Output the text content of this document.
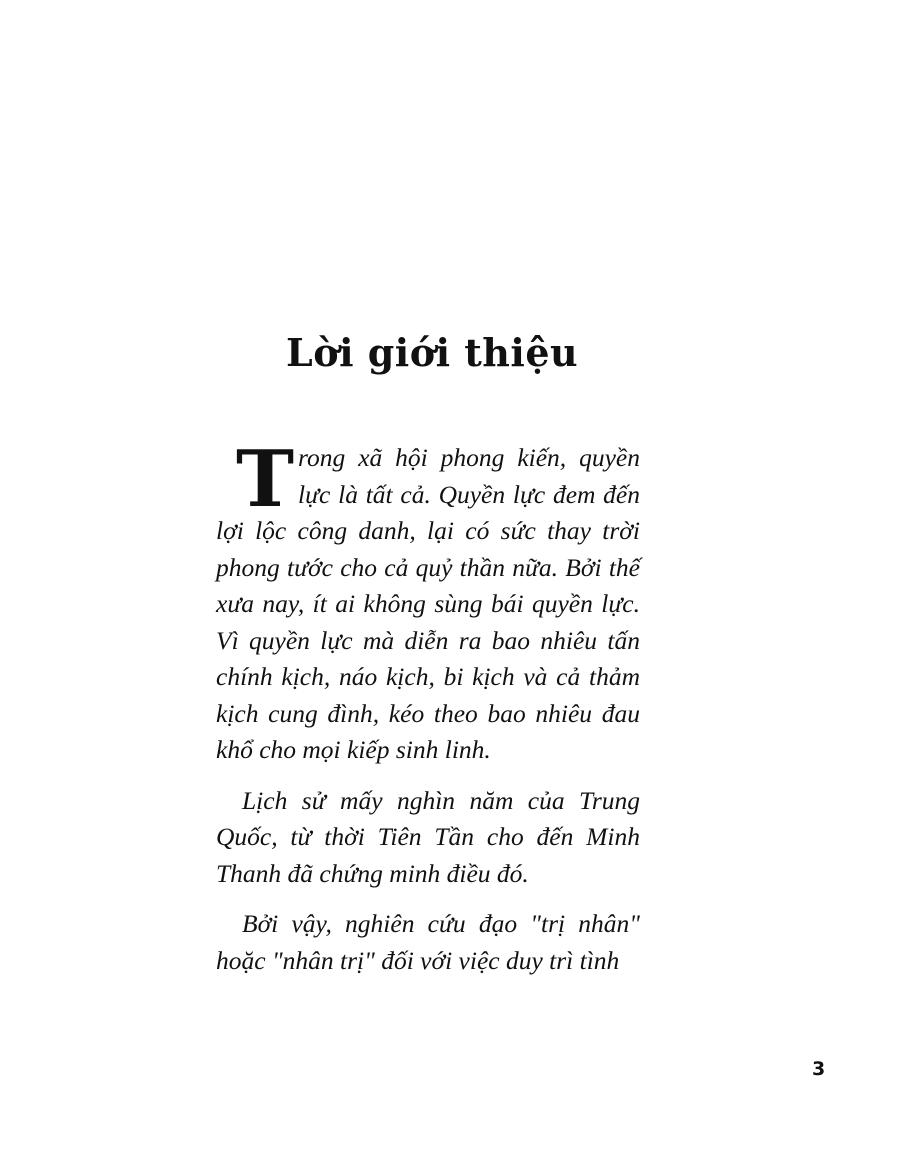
Lời giới thiệu

Trong xã hội phong kiến, quyền lực là tất cả. Quyền lực đem đến lợi lộc công danh, lại có sức thay trời phong tước cho cả quỷ thần nữa. Bởi thế xưa nay, ít ai không sùng bái quyền lực. Vì quyền lực mà diễn ra bao nhiêu tấn chính kịch, náo kịch, bi kịch và cả thảm kịch cung đình, kéo theo bao nhiêu đau khổ cho mọi kiếp sinh linh.

Lịch sử mấy nghìn năm của Trung Quốc, từ thời Tiên Tần cho đến Minh Thanh đã chứng minh điều đó.

Bởi vậy, nghiên cứu đạo "trị nhân" hoặc "nhân trị" đối với việc duy trì tình

3
